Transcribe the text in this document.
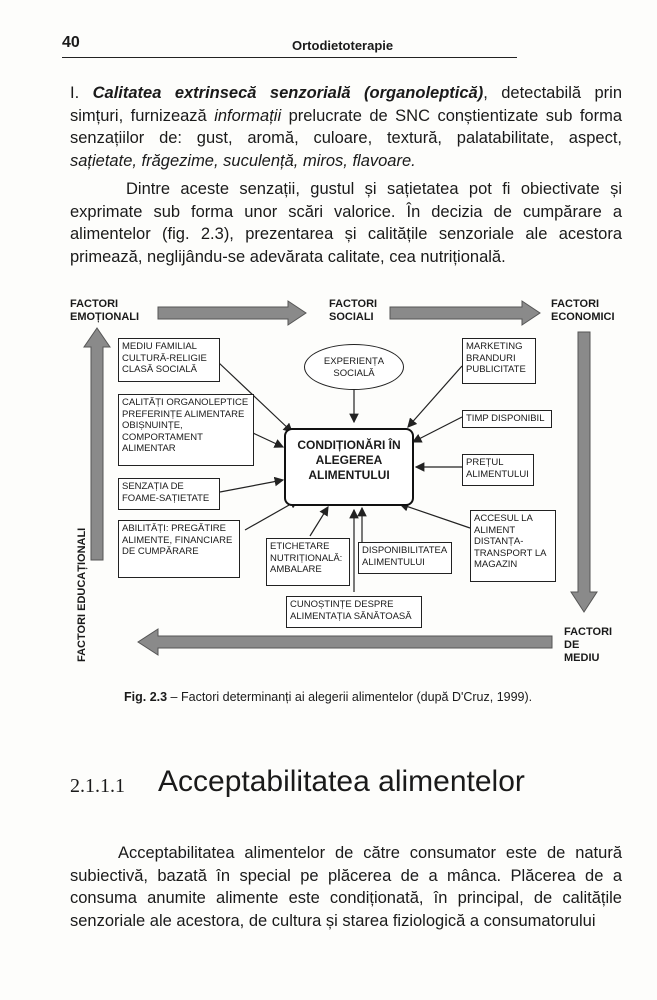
40	Ortodietoterapie

I. Calitatea extrinsecă senzorială (organoleptică), detectabilă prin simțuri, furnizează informații prelucrate de SNC conștientizate sub forma senzațiilor de: gust, aromă, culoare, textură, palatabilitate, aspect, sațietate, frăgezime, suculență, miros, flavoare.

Dintre aceste senzații, gustul și sațietatea pot fi obiectivate și exprimate sub forma unor scări valorice. În decizia de cumpărare a alimentelor (fig. 2.3), prezentarea și calitățile senzoriale ale acestora primează, neglijându-se adevărata calitate, cea nutrițională.

FACTORI
EMOȚIONALI
FACTORI
SOCIALI
FACTORI
ECONOMICI
FACTORI
DE
MEDIU
FACTORI EDUCAȚIONALI
MEDIU FAMILIAL CULTURĂ-RELIGIE CLASĂ SOCIALĂ
EXPERIENȚA SOCIALĂ
MARKETING BRANDURI PUBLICITATE
CALITĂȚI ORGANOLEPTICE PREFERINȚE ALIMENTARE OBIȘNUINȚE, COMPORTAMENT ALIMENTAR
TIMP DISPONIBIL
CONDIȚIONĂRI ÎN
ALEGEREA
ALIMENTULUI
SENZAȚIA DE FOAME-SAȚIETATE
PREȚUL ALIMENTULUI
ABILITĂȚI: PREGĂTIRE ALIMENTE, FINANCIARE DE CUMPĂRARE	ETICHETARE NUTRIȚIONALĂ: AMBALARE
DISPONIBILITATEA ALIMENTULUI
ACCESUL LA ALIMENT DISTANȚA-TRANSPORT LA MAGAZIN
CUNOȘTINȚE DESPRE ALIMENTAȚIA SĂNĂTOASĂ
Fig. 2.3 – Factori determinanți ai alegerii alimentelor (după D'Cruz, 1999).
2.1.1.1 Acceptabilitatea alimentelor

Acceptabilitatea alimentelor de către consumator este de natură subiectivă, bazată în special pe plăcerea de a mânca. Plăcerea de a consuma anumite alimente este condiționată, în principal, de calitățile senzoriale ale acestora, de cultura și starea fiziologică a consumatorului
